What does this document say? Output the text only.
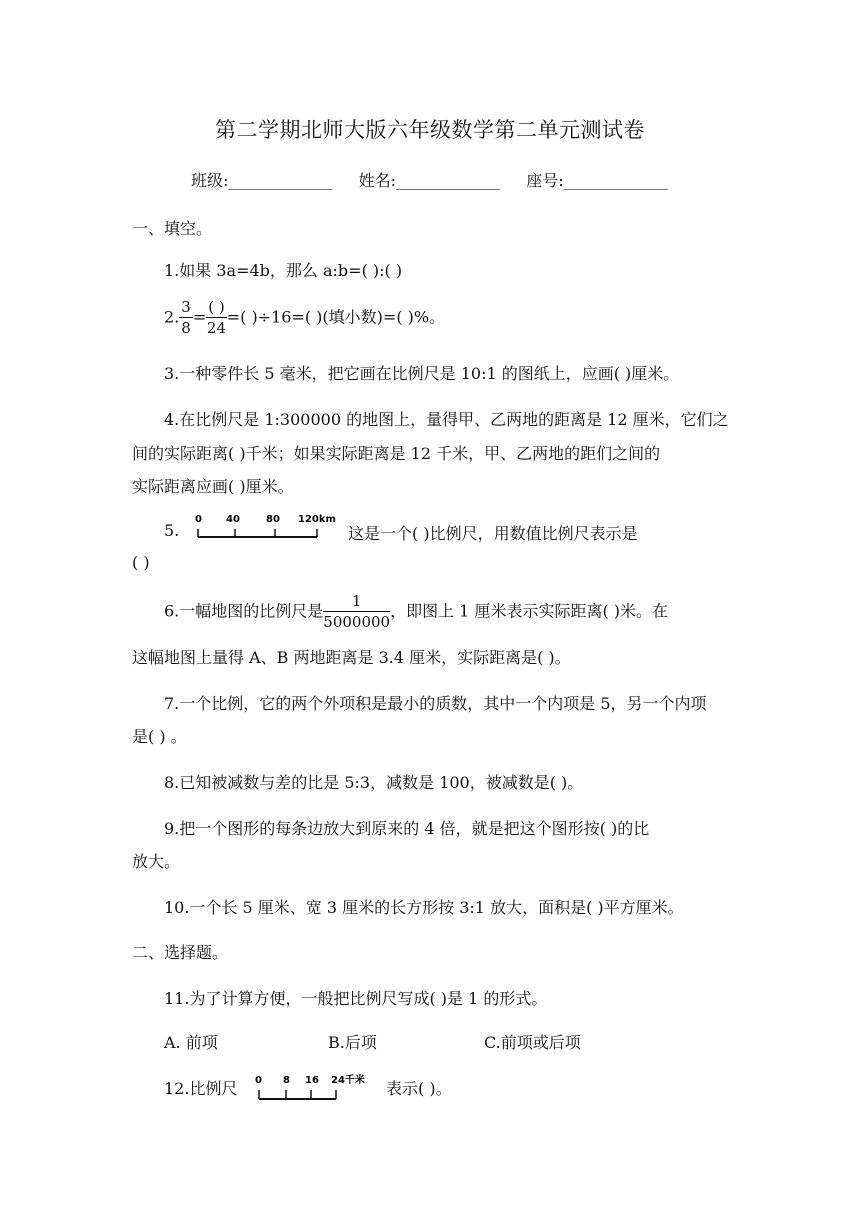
第二学期北师大版六年级数学第二单元测试卷
班级:_____________ 姓名:_____________ 座号:_____________
一、填空。
1.如果 3a=4b，那么 a:b=( ):( )
2. $\frac{3}{8} = \frac{( )}{24}$ =( )÷16=( )(填小数)=( )%。
3.一种零件长 5 毫米，把它画在比例尺是 10:1 的图纸上，应画( )厘米。
4.在比例尺是 1:300000 的地图上，量得甲、乙两地的距离是 12 厘米，它们之
间的实际距离( )千米；如果实际距离是 12 千米，甲、乙两地的距们之间的
实际距离应画( )厘米。
5.
0 40	80 120km
这是一个( )比例尺，用数值比例尺表示是
( )
6.一幅地图的比例尺是 $\frac{1}{5000000}$ ，即图上 1 厘米表示实际距离( )米。在
这幅地图上量得 A、B 两地距离是 3.4 厘米，实际距离是( )。
7.一个比例，它的两个外项积是最小的质数，其中一个内项是 5，另一个内项
是( ) 。
8.已知被减数与差的比是 5:3，减数是 100，被减数是( )。
9.把一个图形的每条边放大到原来的 4 倍，就是把这个图形按( )的比
放大。
10.一个长 5 厘米、宽 3 厘米的长方形按 3:1 放大，面积是( )平方厘米。
二、选择题。
11.为了计算方便，一般把比例尺写成( )是 1 的形式。
A. 前项	B.后项	C.前项或后项
12.比例尺 0 8 16 24千米 表示( )。
